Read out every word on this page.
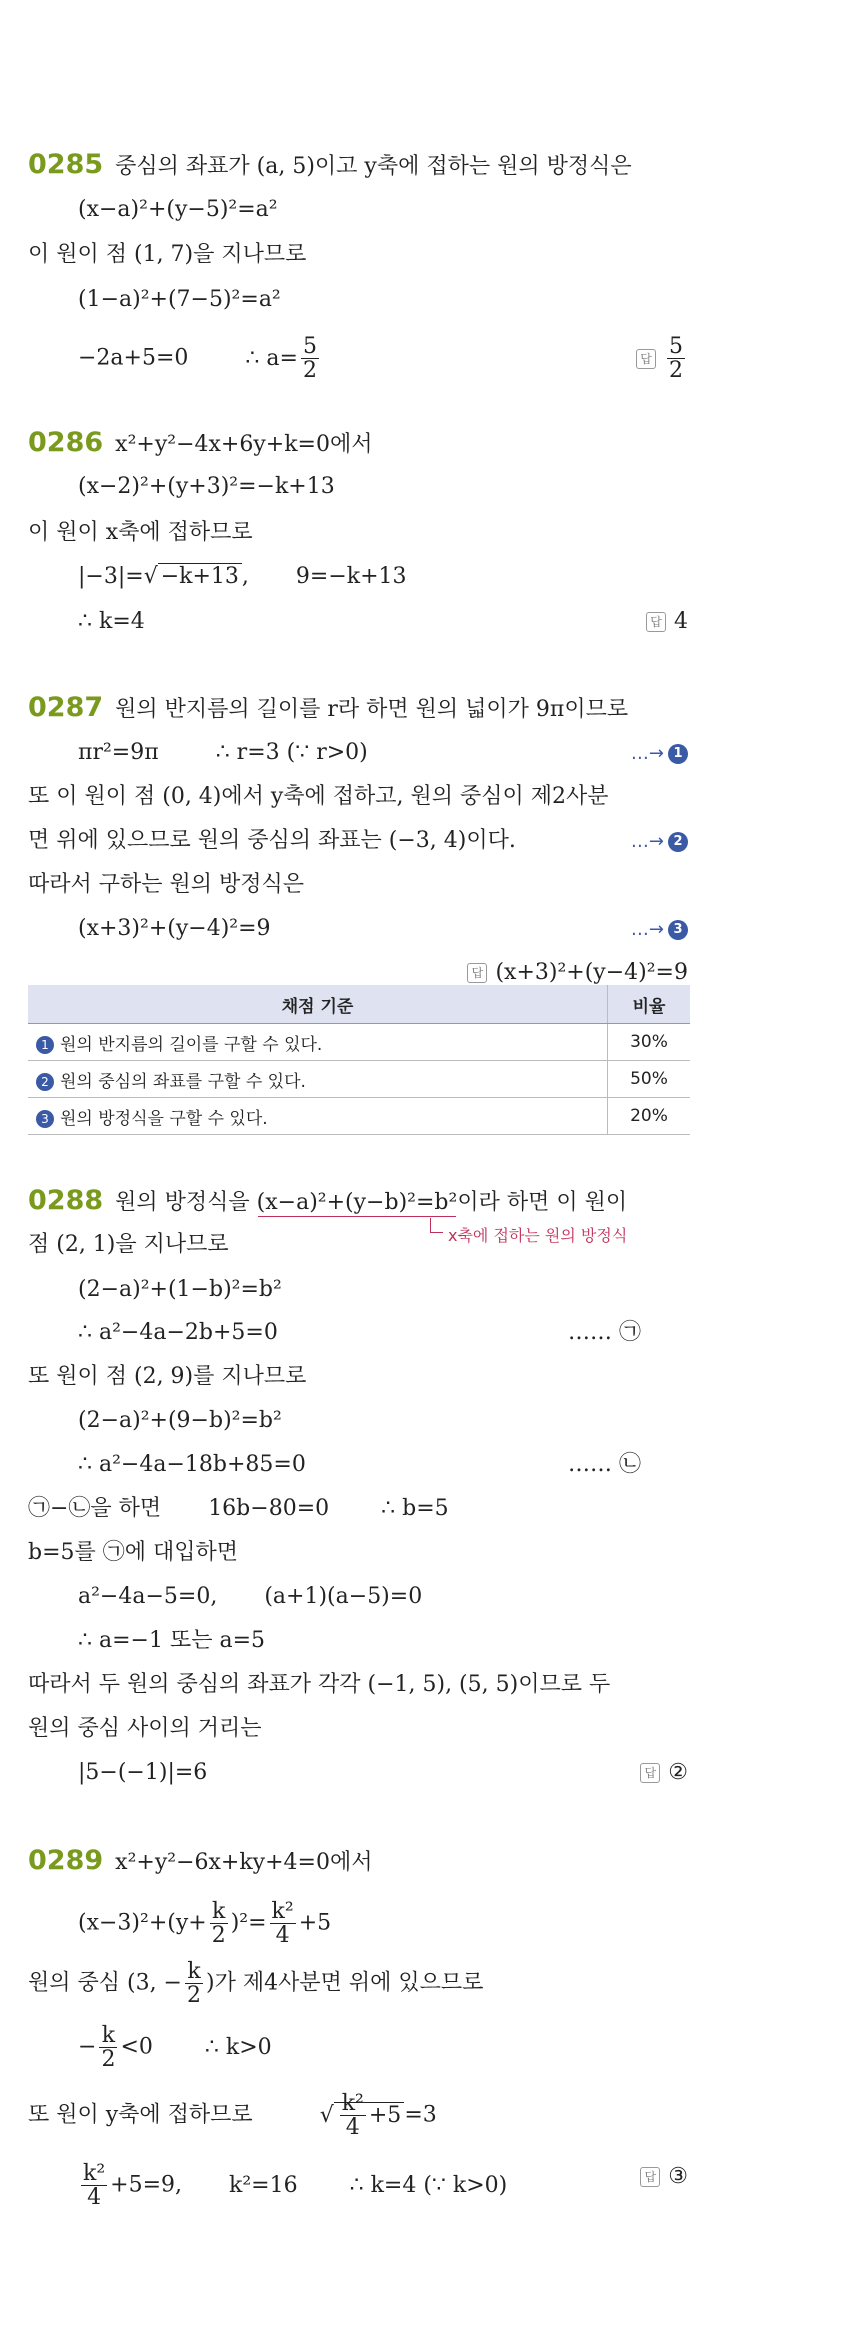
0285 중심의 좌표가 (a, 5)이고 y축에 접하는 원의 방정식은
(x−a)²+(y−5)²=a²
이 원이 점 (1, 7)을 지나므로
(1−a)²+(7−5)²=a²
−2a+5=0	∴ $a= \frac{5}{2}$	답 $\frac{5}{2}$
0286 x²+y²−4x+6y+k=0에서
(x−2)²+(y+3)²=−k+13
이 원이 x축에 접하므로
|−3|=√ −k+13 , 9=−k+13
∴ k=4	답 4
0287 원의 반지름의 길이를 r라 하면 원의 넓이가 9π이므로
πr²=9π	∴ r=3 (∵ r>0)	…→ 1
또 이 원이 점 (0, 4)에서 y축에 접하고, 원의 중심이 제2사분
면 위에 있으므로 원의 중심의 좌표는 (−3, 4)이다.	…→ 2
따라서 구하는 원의 방정식은
(x+3)²+(y−4)²=9	…→ 3
답 (x+3)²+(y−4)²=9
채점 기준	비율
1 원의 반지름의 길이를 구할 수 있다.	30%
2 원의 중심의 좌표를 구할 수 있다.	50%
3 원의 방정식을 구할 수 있다.	20%
0288 원의 방정식을 (x−a)²+(y−b)²=b²이라 하면 이 원이
x축에 접하는 원의 방정식
점 (2, 1)을 지나므로
(2−a)²+(1−b)²=b²
∴ a²−4a−2b+5=0	…… ㉠
또 원이 점 (2, 9)를 지나므로
(2−a)²+(9−b)²=b²
∴ a²−4a−18b+85=0	…… ㉡
㉠−㉡을 하면 16b−80=0 ∴ b=5
b=5를 ㉠에 대입하면
a²−4a−5=0, (a+1)(a−5)=0
∴ a=−1 또는 a=5
따라서 두 원의 중심의 좌표가 각각 (−1, 5), (5, 5)이므로 두
원의 중심 사이의 거리는
|5−(−1)|=6	답 ②
0289 x²+y²−6x+ky+4=0에서
$(x-3)^2+(y+ \frac{k}{2} )^2= \frac{\text{k²}}{4} +5$
원의 중심 (3, − $\frac{k}{2}$ )가 제4사분면 위에 있으므로
− $\frac{k}{2} <0$ ∴ k>0
또 원이 y축에 접하므로	√ $\frac{\text{k²}}{4} +5 =3$
$\frac{\text{k²}}{4} +5=9$, k²=16 ∴ k=4 (∵ k>0)	답 ③
